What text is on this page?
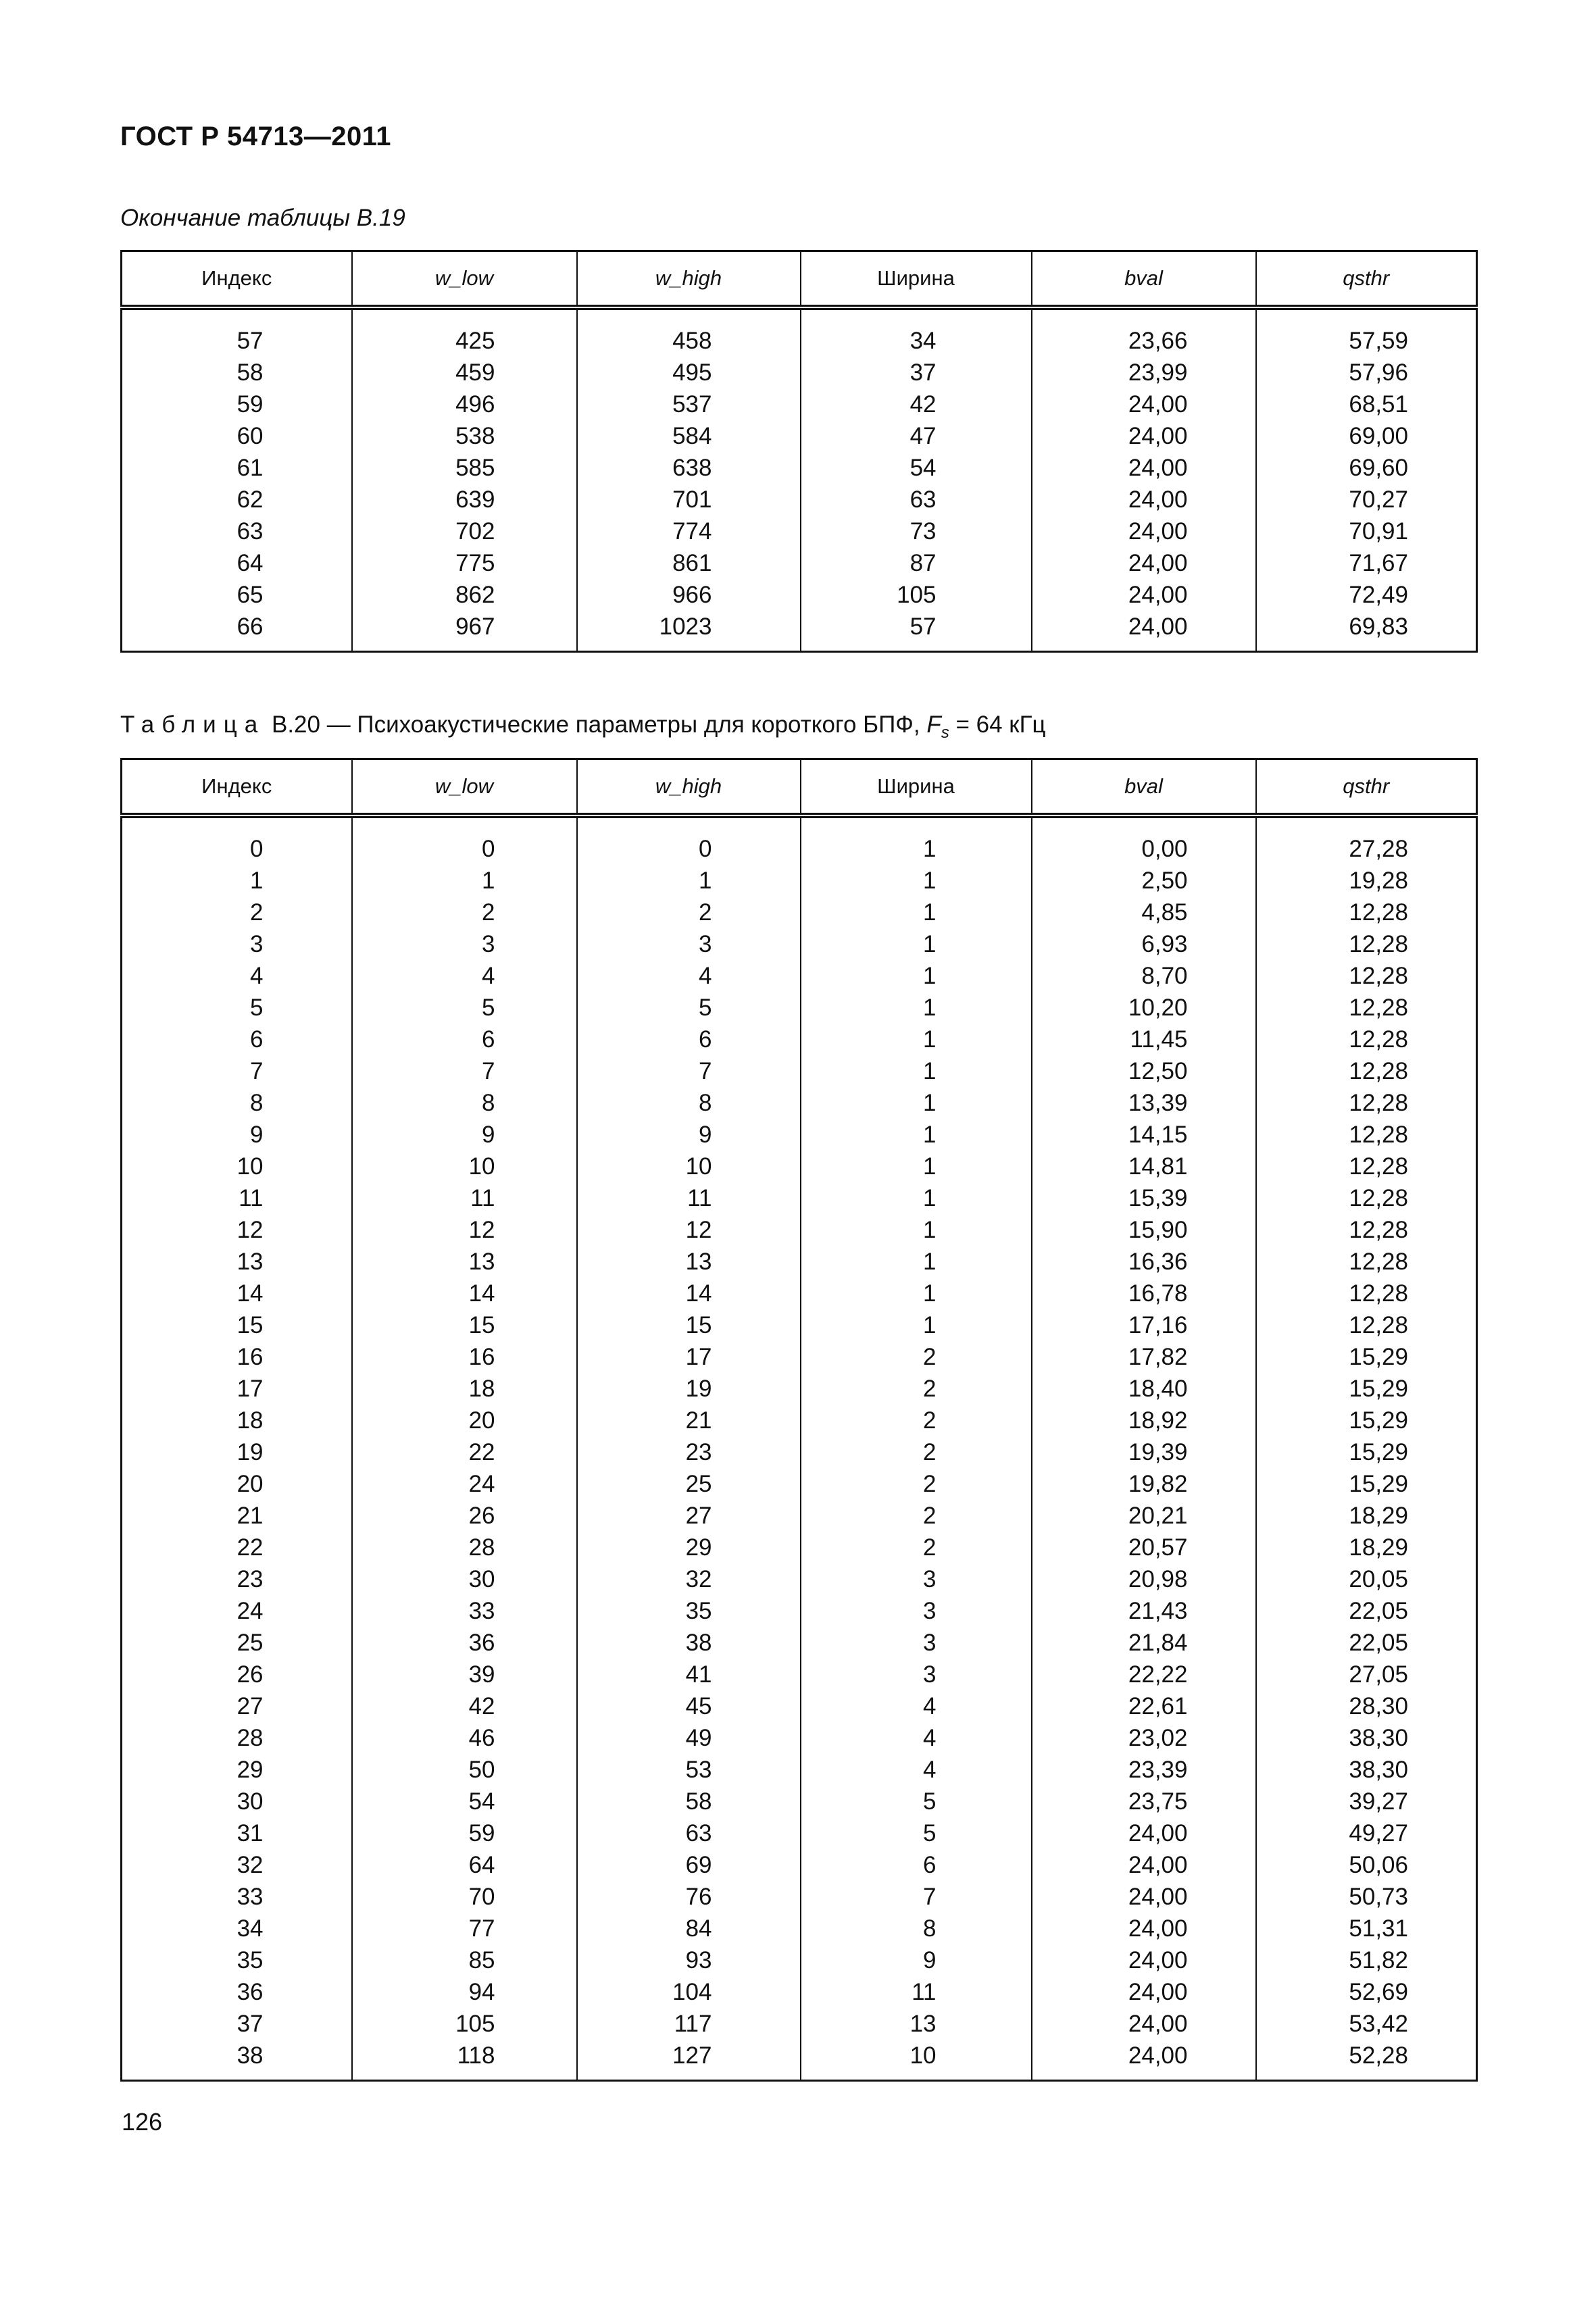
ГОСТ Р 54713—2011
Окончание таблицы B.19
Индекс	w_low	w_high	Ширина	bval	qsthr
57	425	458	34	23,66	57,59
58	459	495	37	23,99	57,96
59	496	537	42	24,00	68,51
60	538	584	47	24,00	69,00
61	585	638	54	24,00	69,60
62	639	701	63	24,00	70,27
63	702	774	73	24,00	70,91
64	775	861	87	24,00	71,67
65	862	966	105	24,00	72,49
66	967	1023	57	24,00	69,83
Таблица B.20 — Психоакустические параметры для короткого БПФ, $F_s = 64$ кГц
Индекс	w_low	w_high	Ширина	bval	qsthr
0	0	0	1	0,00	27,28
1	1	1	1	2,50	19,28
2	2	2	1	4,85	12,28
3	3	3	1	6,93	12,28
4	4	4	1	8,70	12,28
5	5	5	1	10,20	12,28
6	6	6	1	11,45	12,28
7	7	7	1	12,50	12,28
8	8	8	1	13,39	12,28
9	9	9	1	14,15	12,28
10	10	10	1	14,81	12,28
11	11	11	1	15,39	12,28
12	12	12	1	15,90	12,28
13	13	13	1	16,36	12,28
14	14	14	1	16,78	12,28
15	15	15	1	17,16	12,28
16	16	17	2	17,82	15,29
17	18	19	2	18,40	15,29
18	20	21	2	18,92	15,29
19	22	23	2	19,39	15,29
20	24	25	2	19,82	15,29
21	26	27	2	20,21	18,29
22	28	29	2	20,57	18,29
23	30	32	3	20,98	20,05
24	33	35	3	21,43	22,05
25	36	38	3	21,84	22,05
26	39	41	3	22,22	27,05
27	42	45	4	22,61	28,30
28	46	49	4	23,02	38,30
29	50	53	4	23,39	38,30
30	54	58	5	23,75	39,27
31	59	63	5	24,00	49,27
32	64	69	6	24,00	50,06
33	70	76	7	24,00	50,73
34	77	84	8	24,00	51,31
35	85	93	9	24,00	51,82
36	94	104	11	24,00	52,69
37	105	117	13	24,00	53,42
38	118	127	10	24,00	52,28
126
